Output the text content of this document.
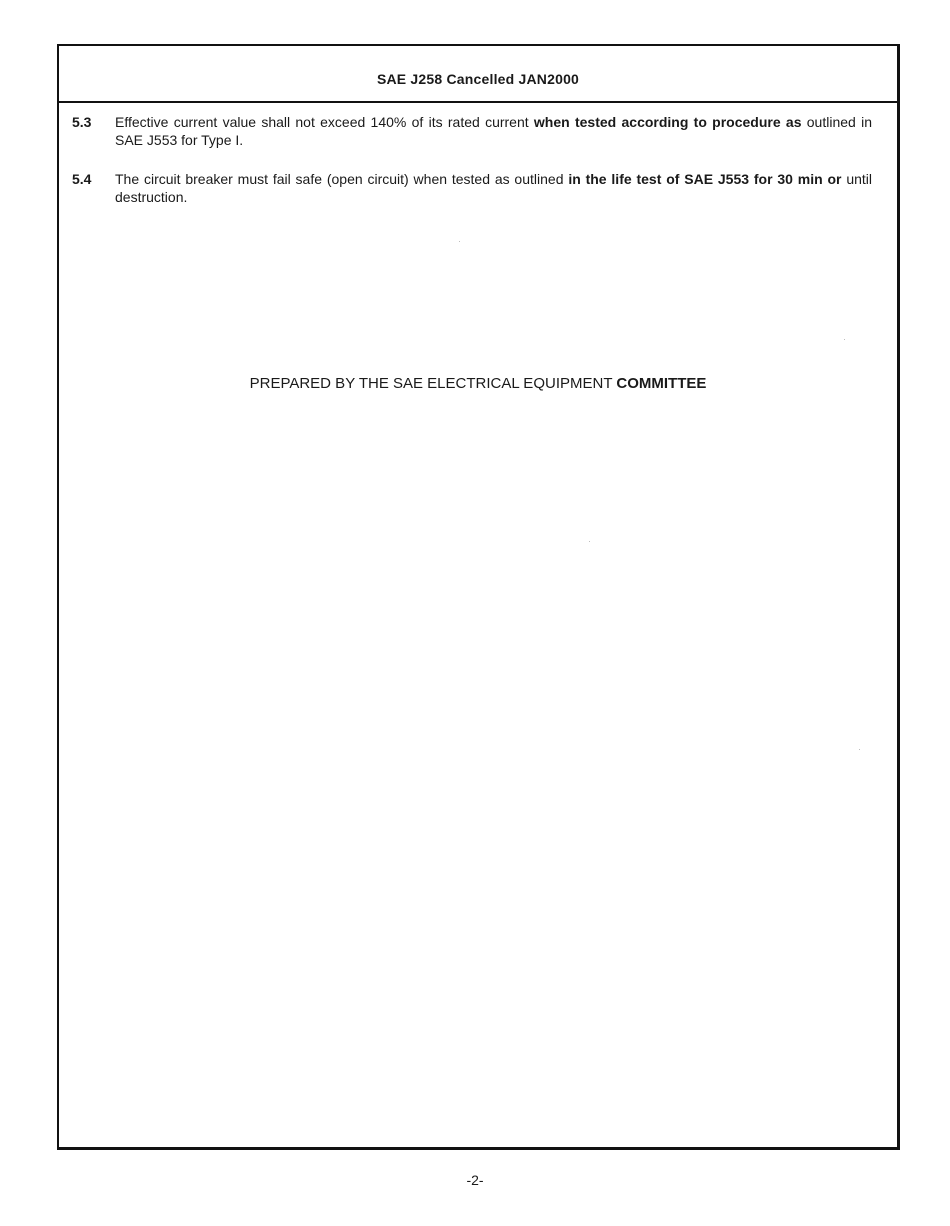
SAE J258 Cancelled JAN2000
5.3 Effective current value shall not exceed 140% of its rated current when tested according to procedure as outlined in SAE J553 for Type I.
5.4 The circuit breaker must fail safe (open circuit) when tested as outlined in the life test of SAE J553 for 30 min or until destruction.
PREPARED BY THE SAE ELECTRICAL EQUIPMENT COMMITTEE
-2-
